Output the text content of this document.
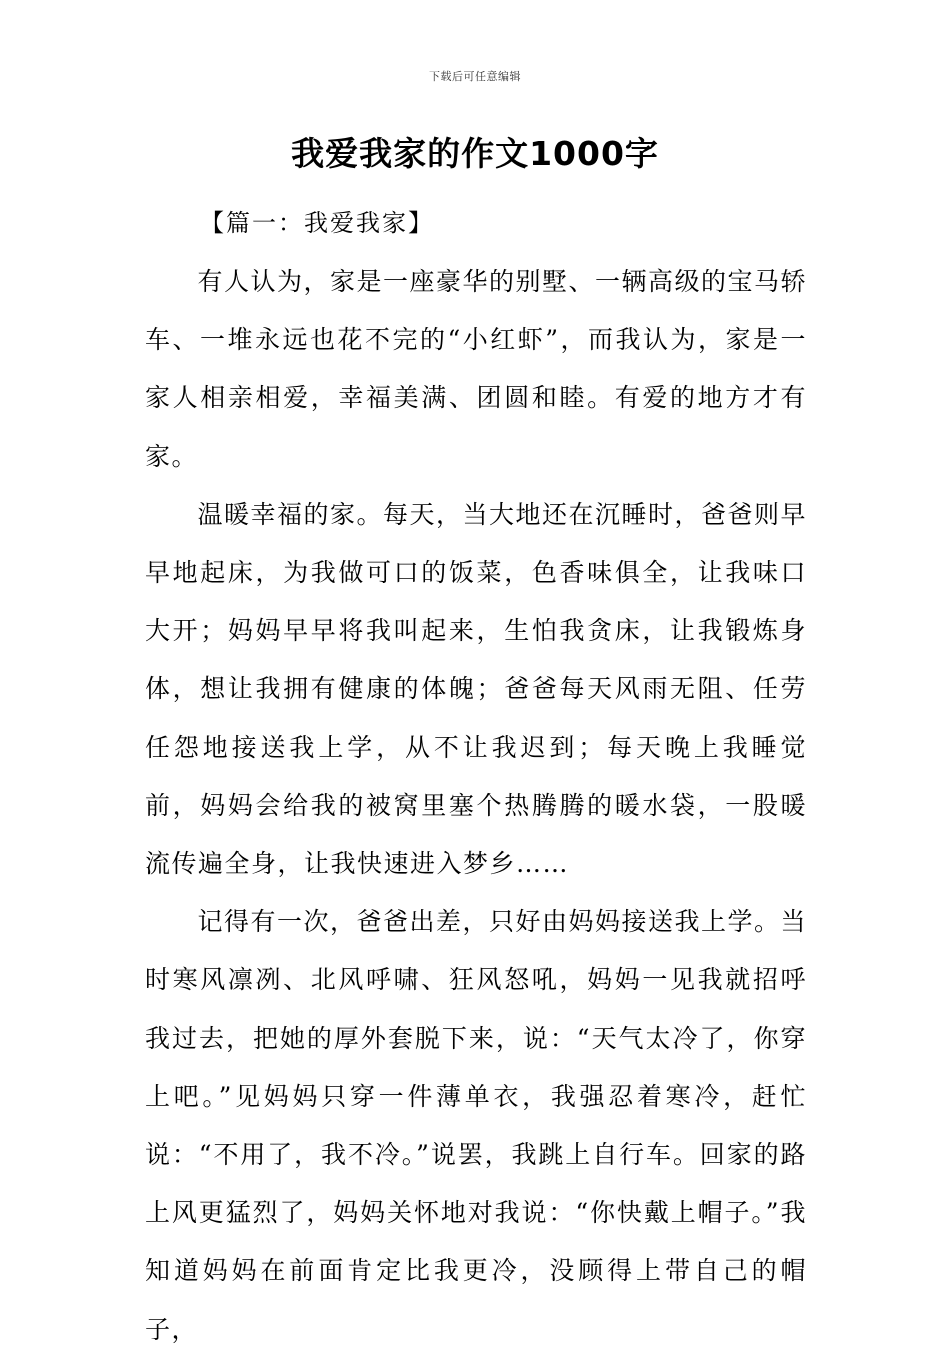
下载后可任意编辑
我爱我家的作文1000字
【篇一：我爱我家】

有人认为，家是一座豪华的别墅、一辆高级的宝马轿车、一堆永远也花不完的“小红虾”，而我认为，家是一家人相亲相爱，幸福美满、团圆和睦。有爱的地方才有家。

温暖幸福的家。每天，当大地还在沉睡时，爸爸则早早地起床，为我做可口的饭菜，色香味俱全，让我味口大开；妈妈早早将我叫起来，生怕我贪床，让我锻炼身体，想让我拥有健康的体魄；爸爸每天风雨无阻、任劳任怨地接送我上学，从不让我迟到；每天晚上我睡觉前，妈妈会给我的被窝里塞个热腾腾的暖水袋，一股暖流传遍全身，让我快速进入梦乡……

记得有一次，爸爸出差，只好由妈妈接送我上学。当时寒风凛冽、北风呼啸、狂风怒吼，妈妈一见我就招呼我过去，把她的厚外套脱下来，说：“天气太冷了，你穿上吧。”见妈妈只穿一件薄单衣，我强忍着寒冷，赶忙说：“不用了，我不冷。”说罢，我跳上自行车。回家的路上风更猛烈了，妈妈关怀地对我说：“你快戴上帽子。”我知道妈妈在前面肯定比我更冷，没顾得上带自己的帽子，
